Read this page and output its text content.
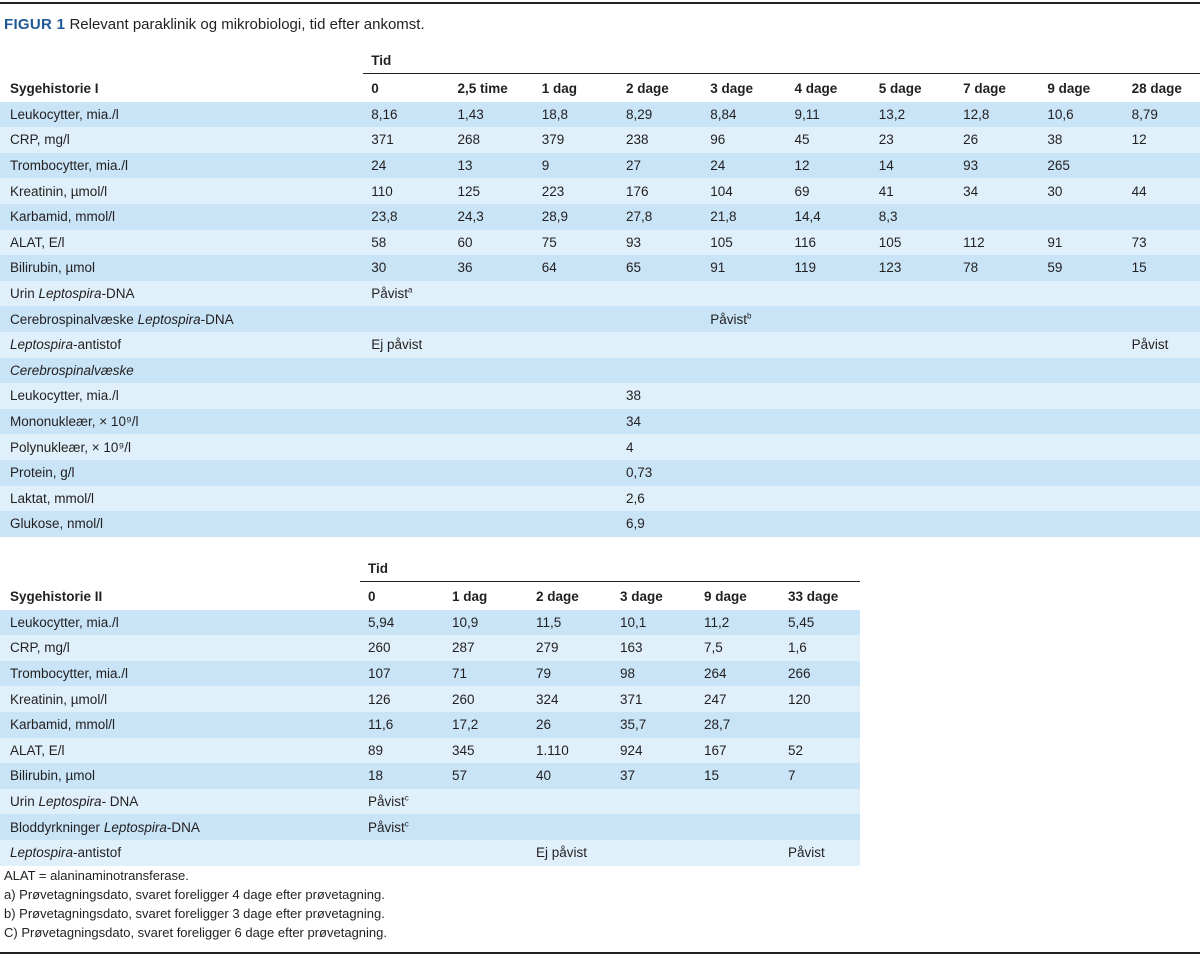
FIGUR 1 Relevant paraklinik og mikrobiologi, tid efter ankomst.
	Tid									
Sygehistorie I	0	2,5 time	1 dag	2 dage	3 dage	4 dage	5 dage	7 dage	9 dage	28 dage
Leukocytter, mia./l	8,16	1,43	18,8	8,29	8,84	9,11	13,2	12,8	10,6	8,79
CRP, mg/l	371	268	379	238	96	45	23	26	38	12
Trombocytter, mia./l	24	13	9	27	24	12	14	93	265	
Kreatinin, µmol/l	110	125	223	176	104	69	41	34	30	44
Karbamid, mmol/l	23,8	24,3	28,9	27,8	21,8	14,4	8,3			
ALAT, E/l	58	60	75	93	105	116	105	112	91	73
Bilirubin, µmol	30	36	64	65	91	119	123	78	59	15
Urin Leptospira-DNA	Påvist$^a$									
Cerebrospinalvæske Leptospira-DNA					Påvist$^b$					
Leptospira-antistof	Ej påvist									Påvist
Cerebrospinalvæske										
Leukocytter, mia./l				38						
Mononukleær, × 10⁹/l				34						
Polynukleær, × 10⁹/l				4						
Protein, g/l				0,73						
Laktat, mmol/l				2,6						
Glukose, nmol/l				6,9						
	Tid					
Sygehistorie II	0	1 dag	2 dage	3 dage	9 dage	33 dage
Leukocytter, mia./l	5,94	10,9	11,5	10,1	11,2	5,45
CRP, mg/l	260	287	279	163	7,5	1,6
Trombocytter, mia./l	107	71	79	98	264	266
Kreatinin, µmol/l	126	260	324	371	247	120
Karbamid, mmol/l	11,6	17,2	26	35,7	28,7	
ALAT, E/l	89	345	1.110	924	167	52
Bilirubin, µmol	18	57	40	37	15	7
Urin Leptospira- DNA	Påvist$^c$					
Bloddyrkninger Leptospira-DNA	Påvist$^c$					
Leptospira-antistof			Ej påvist			Påvist
ALAT = alaninaminotransferase.
a) Prøvetagningsdato, svaret foreligger 4 dage efter prøvetagning.
b) Prøvetagningsdato, svaret foreligger 3 dage efter prøvetagning.
C) Prøvetagningsdato, svaret foreligger 6 dage efter prøvetagning.
